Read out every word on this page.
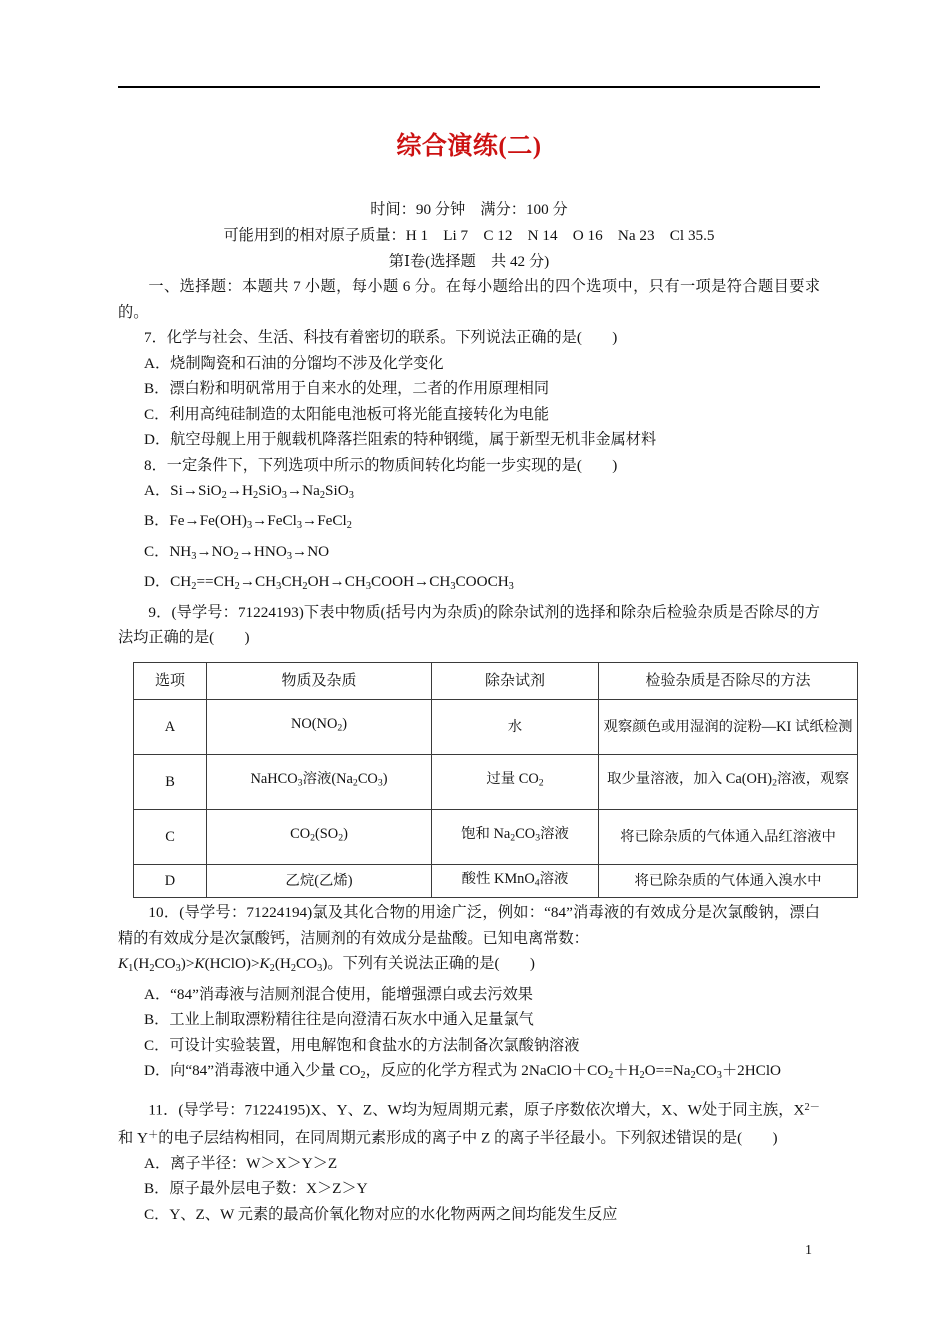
综合演练(二)
时间：90 分钟　满分：100 分
可能用到的相对原子质量：H 1　Li 7　C 12　N 14　O 16　Na 23　Cl 35.5
第Ⅰ卷(选择题　共 42 分)

一、选择题：本题共 7 小题，每小题 6 分。在每小题给出的四个选项中，只有一项是符合题目要求的。

7．化学与社会、生活、科技有着密切的联系。下列说法正确的是(　　)

A．烧制陶瓷和石油的分馏均不涉及化学变化

B．漂白粉和明矾常用于自来水的处理，二者的作用原理相同

C．利用高纯硅制造的太阳能电池板可将光能直接转化为电能

D．航空母舰上用于舰载机降落拦阻索的特种钢缆，属于新型无机非金属材料

8．一定条件下，下列选项中所示的物质间转化均能一步实现的是(　　)

A．$Si\to SiO_2\to H_2SiO_3\to Na_2SiO_3$

B．$Fe\to Fe(OH)_3\to FeCl_3\to FeCl_2$

C．$NH_3\to NO_2\to HNO_3\to NO$

D．$CH_2==CH_2\to CH_3CH_2OH\to CH_3COOH\to CH_3COOCH_3$

9．(导学号：71224193)下表中物质(括号内为杂质)的除杂试剂的选择和除杂后检验杂质是否除尽的方法均正确的是(　　)

选项	物质及杂质	除杂试剂	检验杂质是否除尽的方法
A	$NO(NO_2)$	水	观察颜色或用湿润的淀粉—KI 试纸检测
B	NaHCO$_3$溶液$(Na_2CO_3)$	过量 $CO_2$	取少量溶液，加入 $Ca(OH)_2$溶液，观察
C	$CO_2(SO_2)$	饱和 $Na_2CO_3$溶液	将已除杂质的气体通入品红溶液中
D	乙烷(乙烯)	酸性 KMnO$_4$溶液	将已除杂质的气体通入溴水中

10．(导学号：71224194)氯及其化合物的用途广泛，例如：“84”消毒液的有效成分是次氯酸钠，漂白精的有效成分是次氯酸钙，洁厕剂的有效成分是盐酸。已知电离常数：

$K_1(H_2CO_3)>K(HClO)>K_2(H_2CO_3)$。下列有关说法正确的是(　　)

A．“84”消毒液与洁厕剂混合使用，能增强漂白或去污效果

B．工业上制取漂粉精往往是向澄清石灰水中通入足量氯气

C．可设计实验装置，用电解饱和食盐水的方法制备次氯酸钠溶液

D．向“84”消毒液中通入少量 $CO_2$，反应的化学方程式为 $2NaClO+CO_2+H_2O==Na_2CO_3+2HClO$

11．(导学号：71224195)X、Y、Z、W均为短周期元素，原子序数依次增大，X、W处于同主族，$X^{2-}$和 Y＋的电子层结构相同，在同周期元素形成的离子中 Z 的离子半径最小。下列叙述错误的是(　　)

A．离子半径：W＞X＞Y＞Z

B．原子最外层电子数：X＞Z＞Y

C．Y、Z、W 元素的最高价氧化物对应的水化物两两之间均能发生反应

1
